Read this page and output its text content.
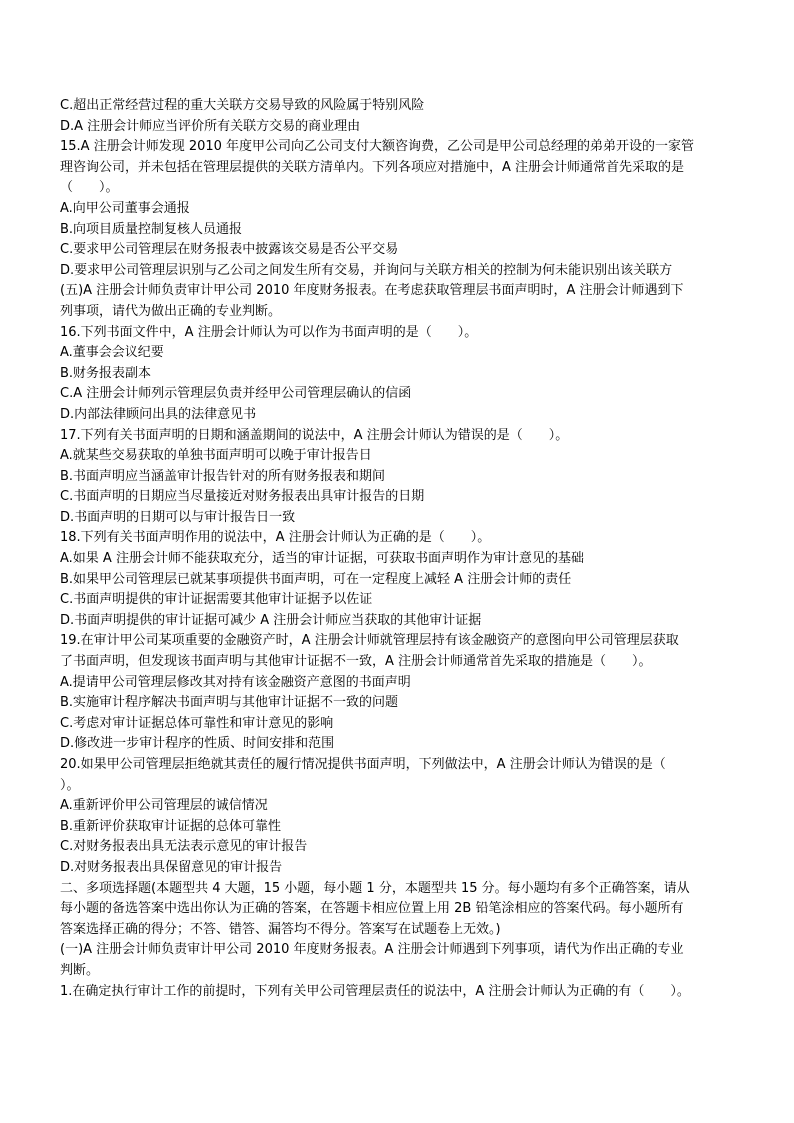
C.超出正常经营过程的重大关联方交易导致的风险属于特别风险
D.A 注册会计师应当评价所有关联方交易的商业理由
15.A 注册会计师发现 2010 年度甲公司向乙公司支付大额咨询费，乙公司是甲公司总经理的弟弟开设的一家管
理咨询公司，并未包括在管理层提供的关联方清单内。下列各项应对措施中，A 注册会计师通常首先采取的是
（　　）。
A.向甲公司董事会通报
B.向项目质量控制复核人员通报
C.要求甲公司管理层在财务报表中披露该交易是否公平交易
D.要求甲公司管理层识别与乙公司之间发生所有交易，并询问与关联方相关的控制为何未能识别出该关联方
(五)A 注册会计师负责审计甲公司 2010 年度财务报表。在考虑获取管理层书面声明时，A 注册会计师遇到下
列事项，请代为做出正确的专业判断。
16.下列书面文件中，A 注册会计师认为可以作为书面声明的是（　　）。
A.董事会会议纪要
B.财务报表副本
C.A 注册会计师列示管理层负责并经甲公司管理层确认的信函
D.内部法律顾问出具的法律意见书
17.下列有关书面声明的日期和涵盖期间的说法中，A 注册会计师认为错误的是（　　）。
A.就某些交易获取的单独书面声明可以晚于审计报告日
B.书面声明应当涵盖审计报告针对的所有财务报表和期间
C.书面声明的日期应当尽量接近对财务报表出具审计报告的日期
D.书面声明的日期可以与审计报告日一致
18.下列有关书面声明作用的说法中，A 注册会计师认为正确的是（　　）。
A.如果 A 注册会计师不能获取充分，适当的审计证据，可获取书面声明作为审计意见的基础
B.如果甲公司管理层已就某事项提供书面声明，可在一定程度上减轻 A 注册会计师的责任
C.书面声明提供的审计证据需要其他审计证据予以佐证
D.书面声明提供的审计证据可减少 A 注册会计师应当获取的其他审计证据
19.在审计甲公司某项重要的金融资产时，A 注册会计师就管理层持有该金融资产的意图向甲公司管理层获取
了书面声明，但发现该书面声明与其他审计证据不一致，A 注册会计师通常首先采取的措施是（　　）。
A.提请甲公司管理层修改其对持有该金融资产意图的书面声明
B.实施审计程序解决书面声明与其他审计证据不一致的问题
C.考虑对审计证据总体可靠性和审计意见的影响
D.修改进一步审计程序的性质、时间安排和范围
20.如果甲公司管理层拒绝就其责任的履行情况提供书面声明，下列做法中，A 注册会计师认为错误的是（
）。
A.重新评价甲公司管理层的诚信情况
B.重新评价获取审计证据的总体可靠性
C.对财务报表出具无法表示意见的审计报告
D.对财务报表出具保留意见的审计报告
二、多项选择题(本题型共 4 大题，15 小题，每小题 1 分，本题型共 15 分。每小题均有多个正确答案，请从
每小题的备选答案中选出你认为正确的答案，在答题卡相应位置上用 2B 铅笔涂相应的答案代码。每小题所有
答案选择正确的得分；不答、错答、漏答均不得分。答案写在试题卷上无效。)
(一)A 注册会计师负责审计甲公司 2010 年度财务报表。A 注册会计师遇到下列事项，请代为作出正确的专业
判断。
1.在确定执行审计工作的前提时，下列有关甲公司管理层责任的说法中，A 注册会计师认为正确的有（　　）。
